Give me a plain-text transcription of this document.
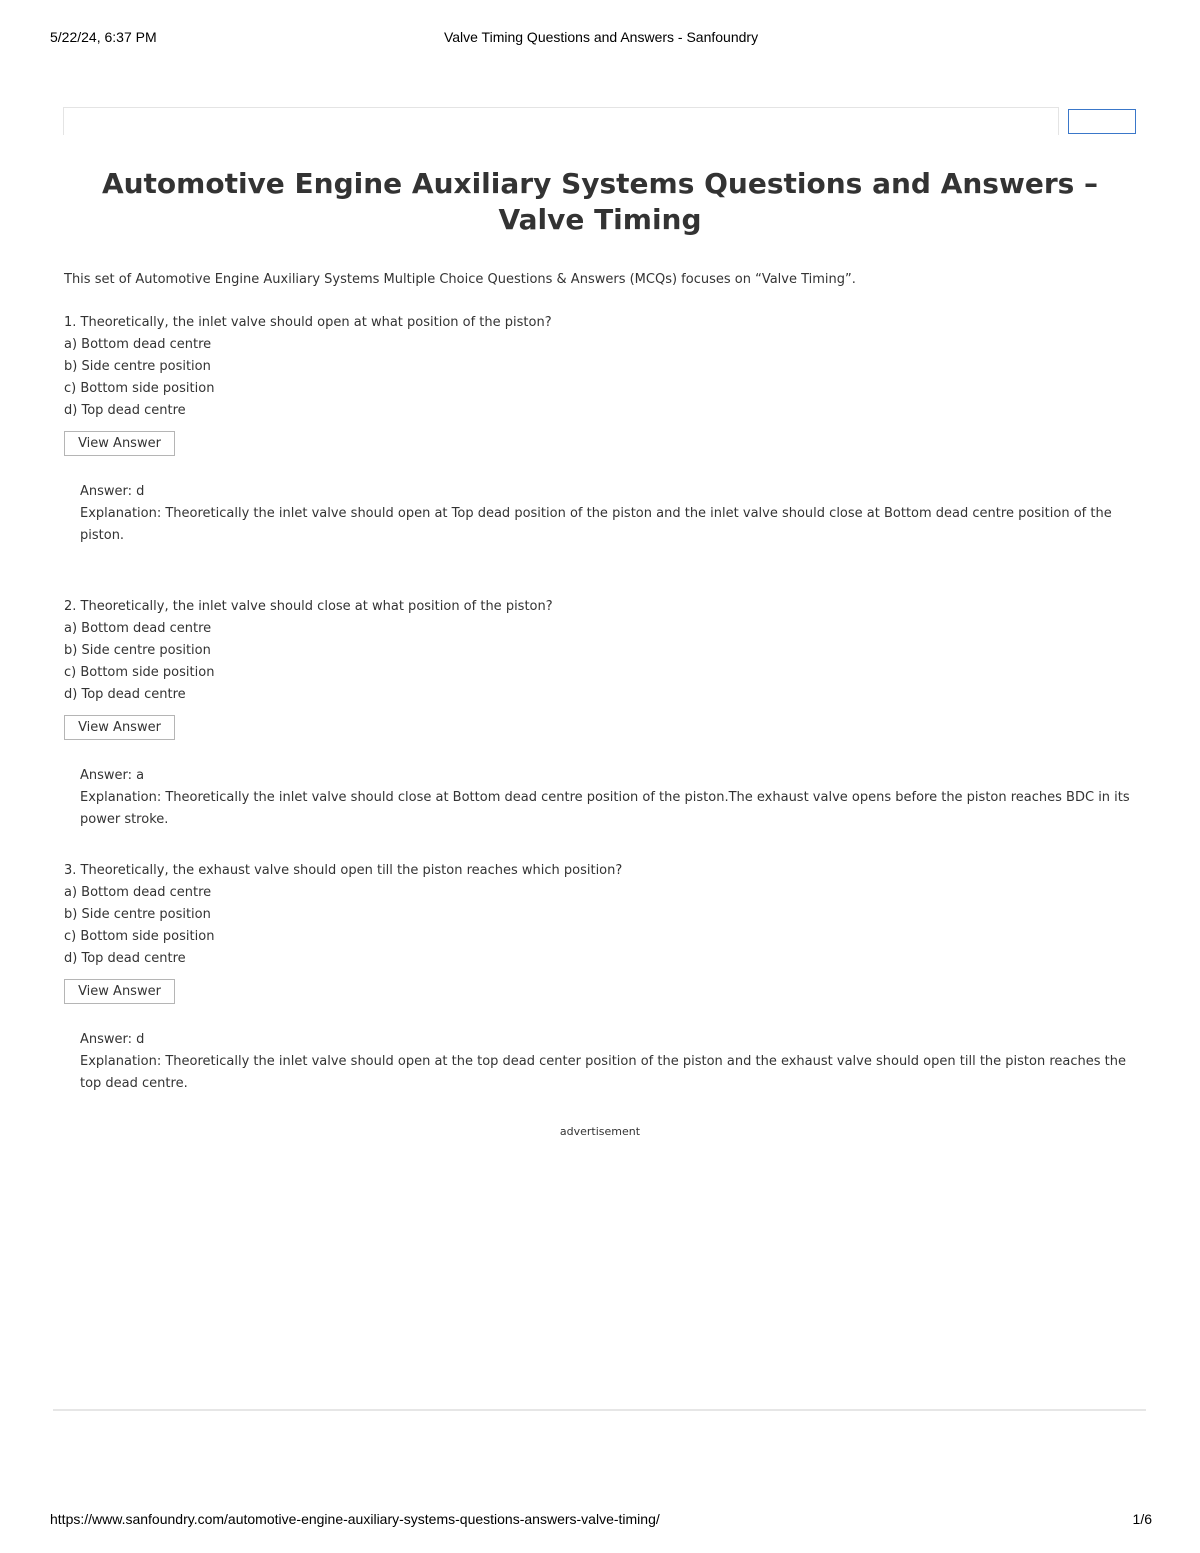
5/22/24, 6:37 PM	Valve Timing Questions and Answers - Sanfoundry
Automotive Engine Auxiliary Systems Questions and Answers – Valve Timing
This set of Automotive Engine Auxiliary Systems Multiple Choice Questions & Answers (MCQs) focuses on “Valve Timing”.
1. Theoretically, the inlet valve should open at what position of the piston?
a) Bottom dead centre
b) Side centre position
c) Bottom side position
d) Top dead centre
View Answer
Answer: d
Explanation: Theoretically the inlet valve should open at Top dead position of the piston and the inlet valve should close at Bottom dead centre position of the piston.
2. Theoretically, the inlet valve should close at what position of the piston?
a) Bottom dead centre
b) Side centre position
c) Bottom side position
d) Top dead centre
View Answer
Answer: a
Explanation: Theoretically the inlet valve should close at Bottom dead centre position of the piston.The exhaust valve opens before the piston reaches BDC in its power stroke.
3. Theoretically, the exhaust valve should open till the piston reaches which position?
a) Bottom dead centre
b) Side centre position
c) Bottom side position
d) Top dead centre
View Answer
Answer: d
Explanation: Theoretically the inlet valve should open at the top dead center position of the piston and the exhaust valve should open till the piston reaches the top dead centre.
advertisement
https://www.sanfoundry.com/automotive-engine-auxiliary-systems-questions-answers-valve-timing/	1/6
